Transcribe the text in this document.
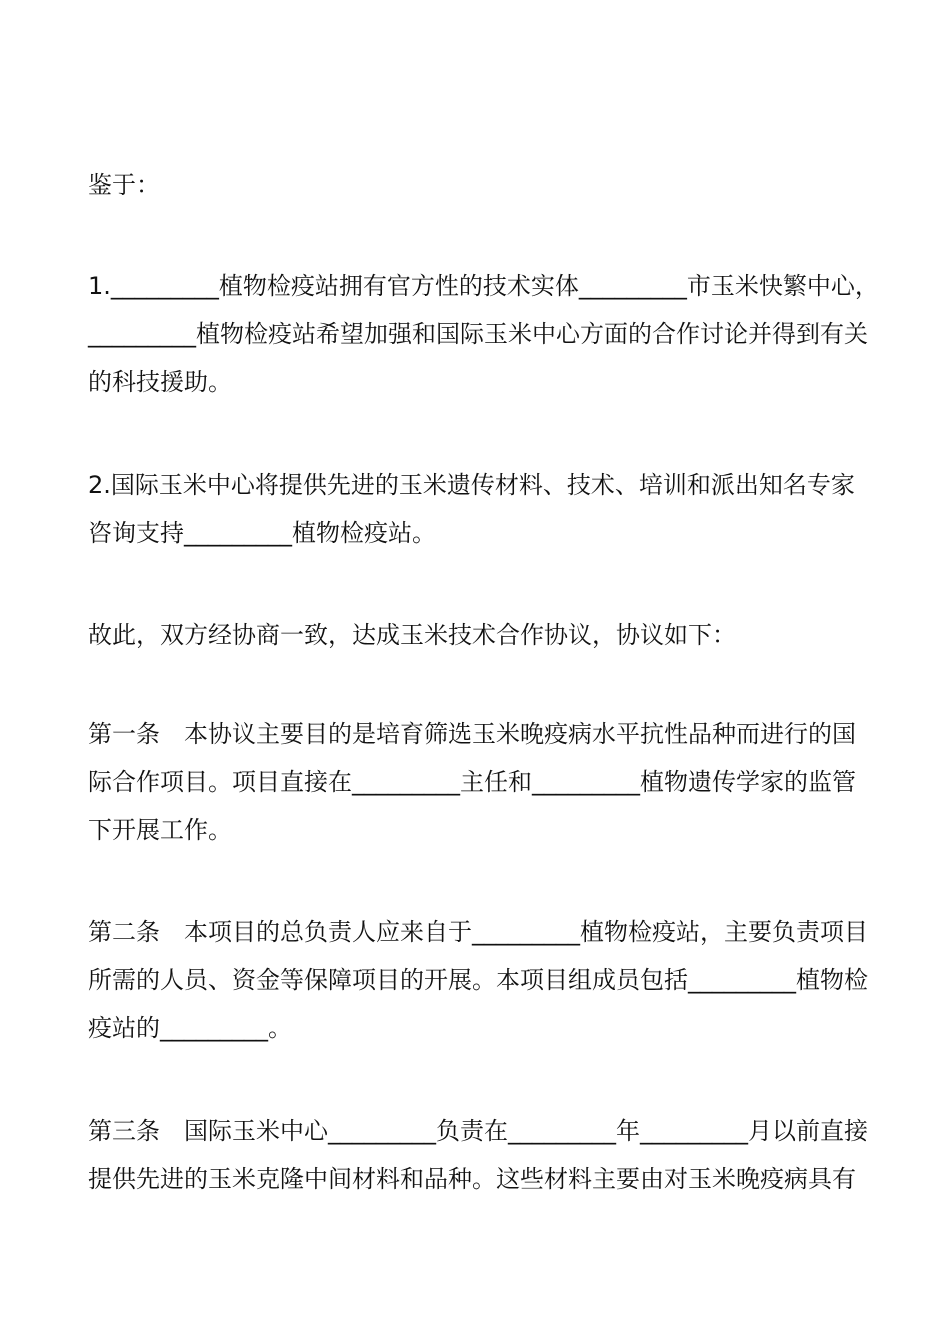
鉴于：
1._________植物检疫站拥有官方性的技术实体_________市玉米快繁中心，
_________植物检疫站希望加强和国际玉米中心方面的合作讨论并得到有关
的科技援助。
2.国际玉米中心将提供先进的玉米遗传材料、技术、培训和派出知名专家
咨询支持_________植物检疫站。
故此，双方经协商一致，达成玉米技术合作协议，协议如下：
第一条　本协议主要目的是培育筛选玉米晚疫病水平抗性品种而进行的国
际合作项目。项目直接在_________主任和_________植物遗传学家的监管
下开展工作。
第二条　本项目的总负责人应来自于_________植物检疫站，主要负责项目
所需的人员、资金等保障项目的开展。本项目组成员包括_________植物检
疫站的_________。
第三条　国际玉米中心_________负责在_________年_________月以前直接
提供先进的玉米克隆中间材料和品种。这些材料主要由对玉米晚疫病具有
